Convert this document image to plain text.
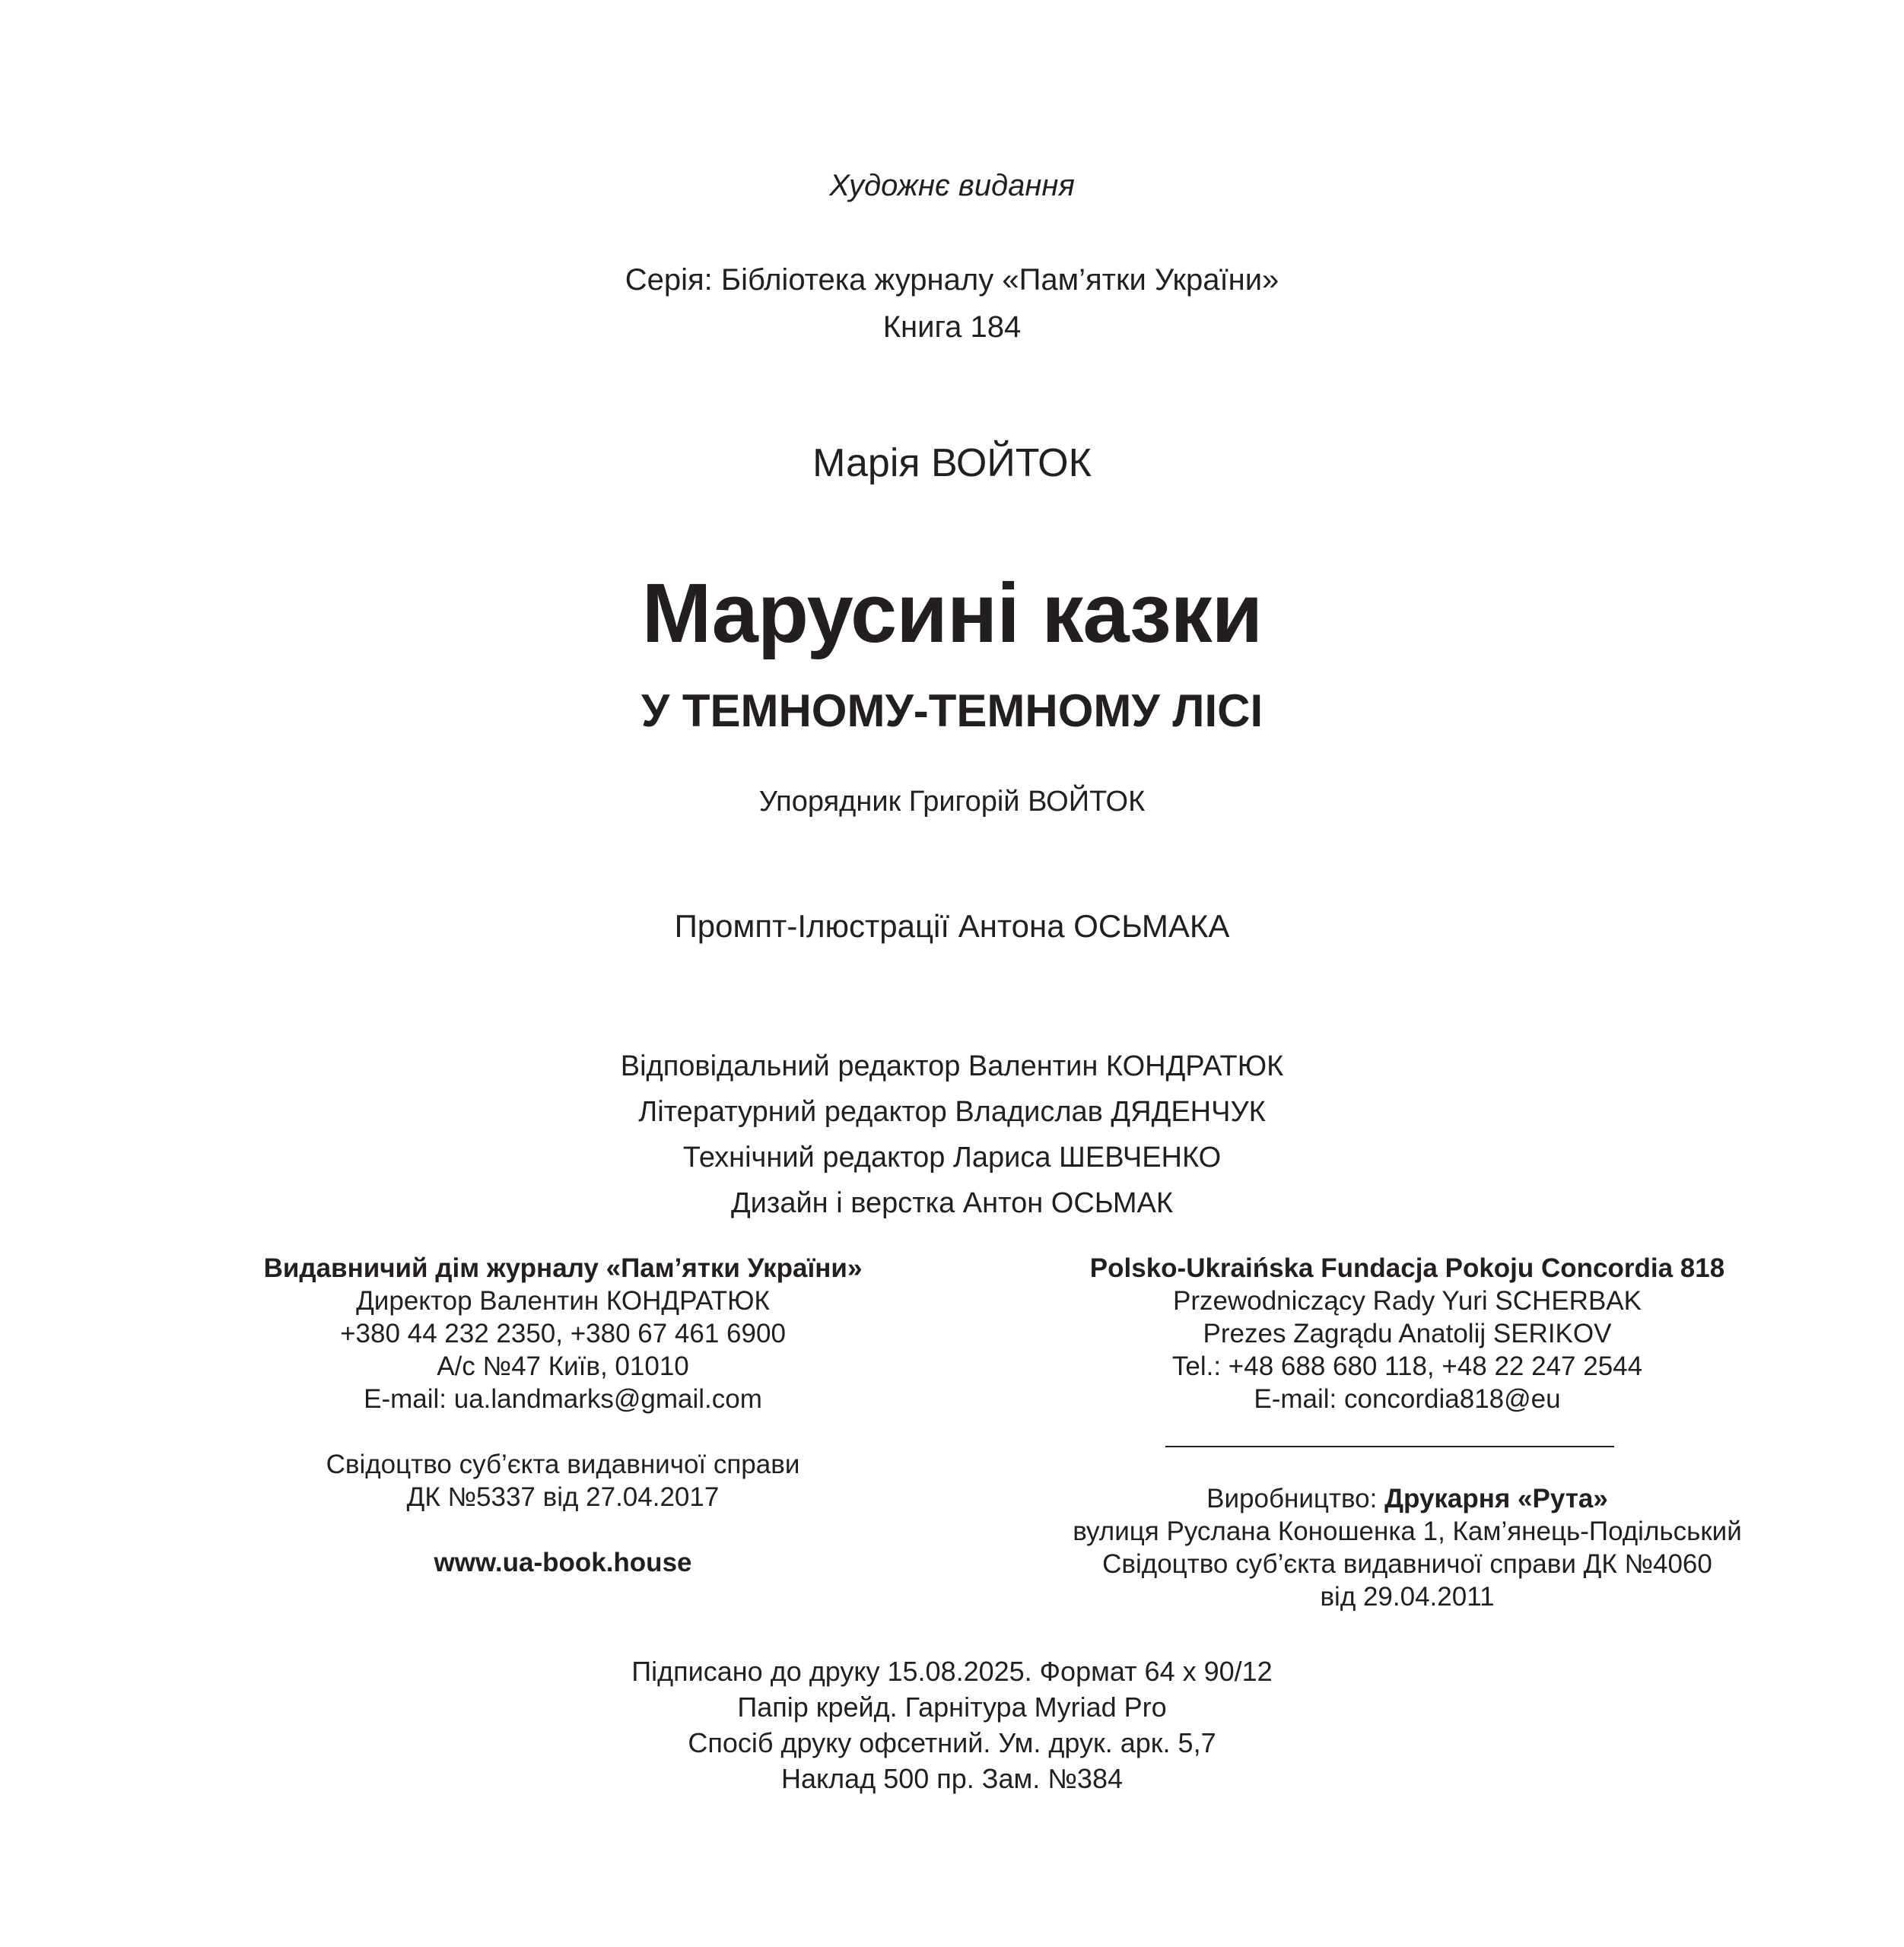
Художнє видання
Серія: Бібліотека журналу «Пам’ятки України»
Книга 184
Марія ВОЙТОК
Марусині казки
У ТЕМНОМУ-ТЕМНОМУ ЛІСІ
Упорядник Григорій ВОЙТОК
Промпт-Ілюстрації Антона ОСЬМАКА
Відповідальний редактор Валентин КОНДРАТЮК
Літературний редактор Владислав ДЯДЕНЧУК
Технічний редактор Лариса ШЕВЧЕНКО
Дизайн і верстка Антон ОСЬМАК
Видавничий дім журналу «Пам’ятки України»
Директор Валентин КОНДРАТЮК
+380 44 232 2350, +380 67 461 6900
А/с №47 Київ, 01010
E-mail: ua.landmarks@gmail.com
Свідоцтво суб’єкта видавничої справи
ДК №5337 від 27.04.2017
www.ua-book.house
Polsko-Ukraińska Fundacja Pokoju Concordia 818
Przewodniczący Rady Yuri SCHERBAK
Prezes Zagrądu Anatolij SERIKOV
Tel.: +48 688 680 118, +48 22 247 2544
E-mail: concordia818@eu
Виробництво: Друкарня «Рута»
вулиця Руслана Коношенка 1, Кам’янець-Подільський
Свідоцтво суб’єкта видавничої справи ДК №4060
від 29.04.2011
Підписано до друку 15.08.2025. Формат 64 х 90/12
Папір крейд. Гарнітура Myriad Pro
Спосіб друку офсетний. Ум. друк. арк. 5,7
Наклад 500 пр. Зам. №384
